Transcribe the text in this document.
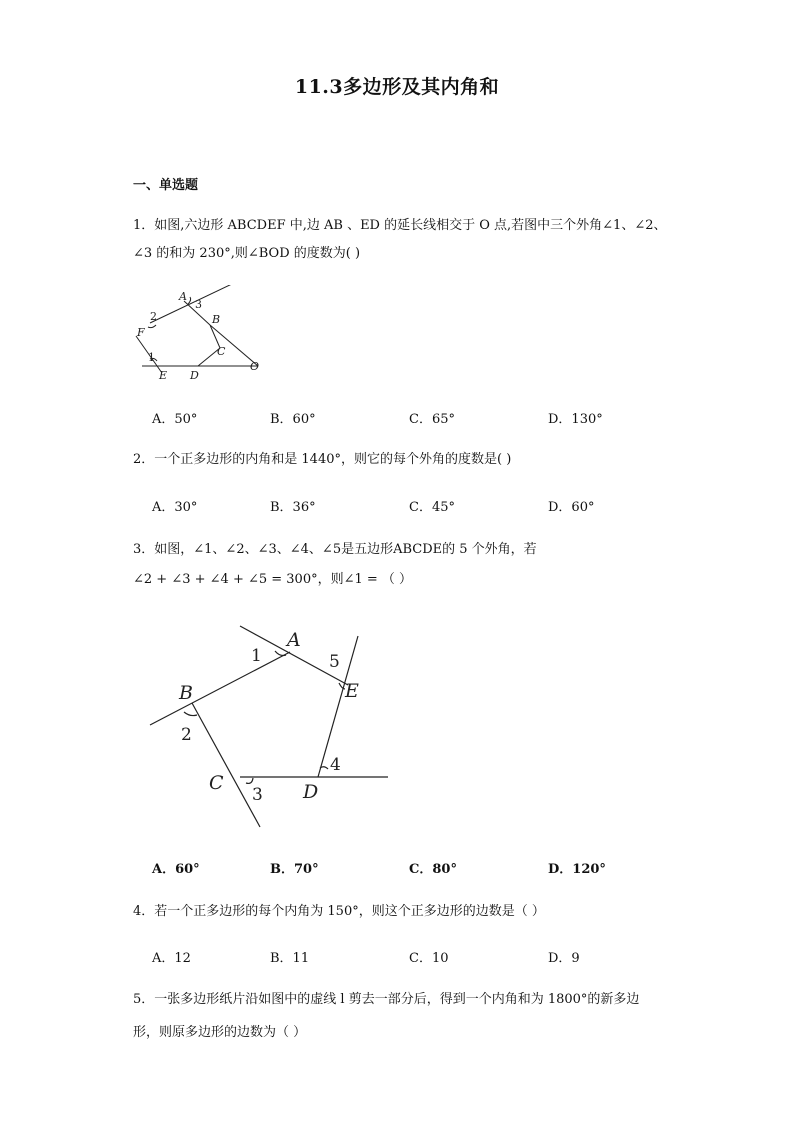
11.3多边形及其内角和
一、单选题
1．如图,六边形 ABCDEF 中,边 AB 、ED 的延长线相交于 O 点,若图中三个外角∠1、∠2、
∠3 的和为 230°,则∠BOD 的度数为( )
A
B
C
D
E
F
O
1
2
3
A．50°	B．60°	C．65°	D．130°
2．一个正多边形的内角和是 1440°，则它的每个外角的度数是( )
A．30°	B．36°	C．45°	D．60°
3．如图，∠1、∠2、∠3、∠4、∠5是五边形ABCDE的 5 个外角，若
∠2 + ∠3 + ∠4 + ∠5 = 300°，则∠1 = （ ）
A
B
C	D
E
1
2
3
4
5
A．60°	B．70°	C．80°	D．120°
4．若一个正多边形的每个内角为 150°，则这个正多边形的边数是（ ）
A．12	B．11	C．10	D．9
5．一张多边形纸片沿如图中的虚线 l 剪去一部分后，得到一个内角和为 1800°的新多边
形，则原多边形的边数为（ ）
